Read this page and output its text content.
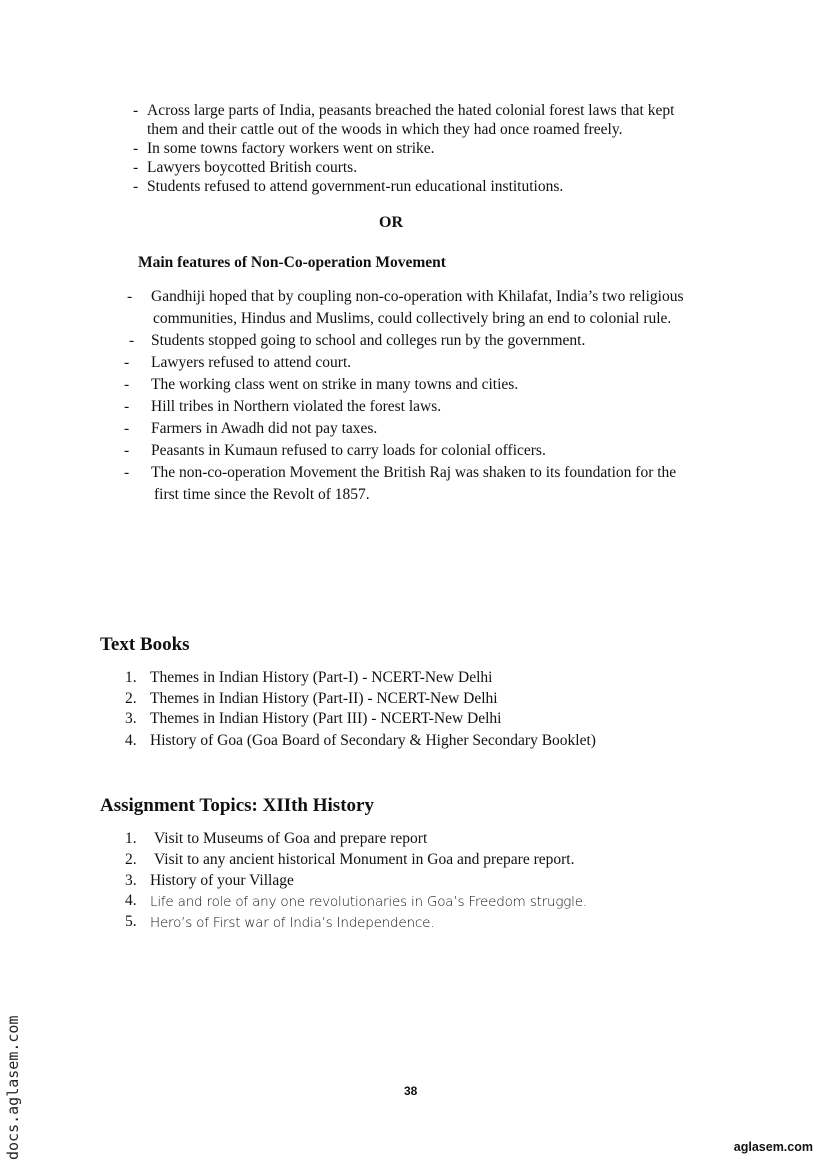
- Across large parts of India, peasants breached the hated colonial forest laws that kept
them and their cattle out of the woods in which they had once roamed freely.
- In some towns factory workers went on strike.
- Lawyers boycotted British courts.
- Students refused to attend government-run educational institutions.
OR
Main features of Non-Co-operation Movement
- Gandhiji hoped that by coupling non-co-operation with Khilafat, India’s two religious
communities, Hindus and Muslims, could collectively bring an end to colonial rule.
- Students stopped going to school and colleges run by the government.
- Lawyers refused to attend court.
- The working class went on strike in many towns and cities.
- Hill tribes in Northern violated the forest laws.
- Farmers in Awadh did not pay taxes.
- Peasants in Kumaun refused to carry loads for colonial officers.
- The non-co-operation Movement the British Raj was shaken to its foundation for the
first time since the Revolt of 1857.
Text Books
1. Themes in Indian History (Part-I) - NCERT-New Delhi
2. Themes in Indian History (Part-II) - NCERT-New Delhi
3. Themes in Indian History (Part III) - NCERT-New Delhi
4. History of Goa (Goa Board of Secondary & Higher Secondary Booklet)
Assignment Topics: XIIth History
1. Visit to Museums of Goa and prepare report
2. Visit to any ancient historical Monument in Goa and prepare report.
3. History of your Village
4. Life and role of any one revolutionaries in Goa’s Freedom struggle.
5. Hero’s of First war of India’s Independence.
38
docs.aglasem.com	aglasem.com
